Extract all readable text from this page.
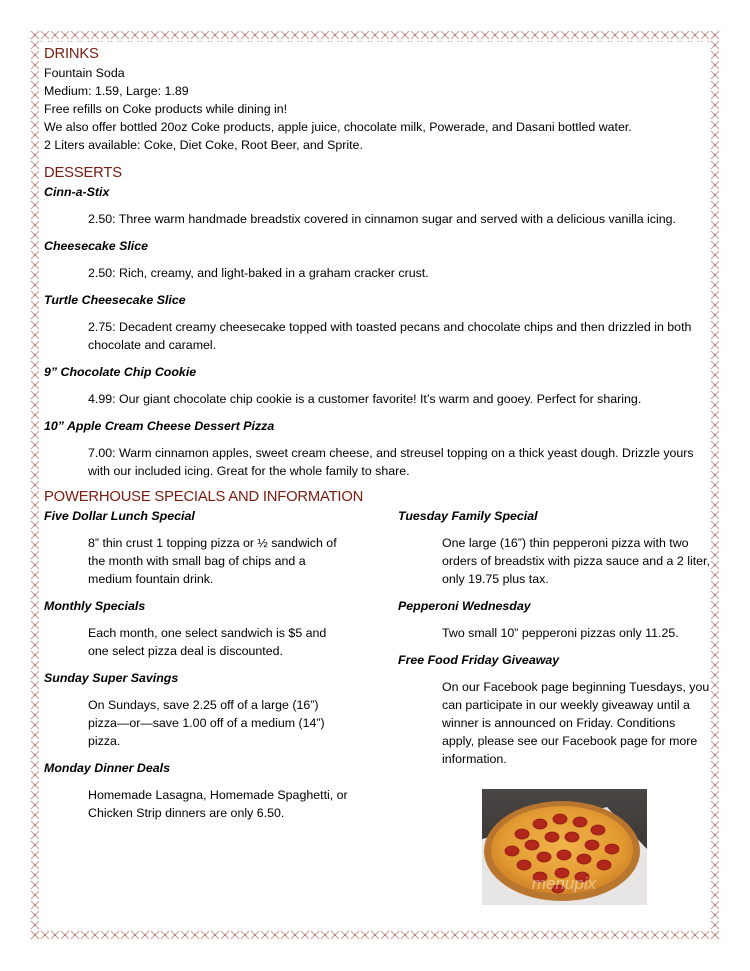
DRINKS
Fountain Soda
Medium: 1.59, Large: 1.89
Free refills on Coke products while dining in!
We also offer bottled 20oz Coke products, apple juice, chocolate milk, Powerade, and Dasani bottled water.
2 Liters available: Coke, Diet Coke, Root Beer, and Sprite.
DESSERTS
Cinn-a-Stix
2.50: Three warm handmade breadstix covered in cinnamon sugar and served with a delicious vanilla icing.
Cheesecake Slice
2.50: Rich, creamy, and light-baked in a graham cracker crust.
Turtle Cheesecake Slice
2.75: Decadent creamy cheesecake topped with toasted pecans and chocolate chips and then drizzled in both chocolate and caramel.
9” Chocolate Chip Cookie
4.99: Our giant chocolate chip cookie is a customer favorite! It’s warm and gooey. Perfect for sharing.
10” Apple Cream Cheese Dessert Pizza
7.00: Warm cinnamon apples, sweet cream cheese, and streusel topping on a thick yeast dough. Drizzle yours with our included icing. Great for the whole family to share.
POWERHOUSE SPECIALS AND INFORMATION
Five Dollar Lunch Special
8” thin crust 1 topping pizza or ½ sandwich of the month with small bag of chips and a medium fountain drink.
Monthly Specials
Each month, one select sandwich is $5 and one select pizza deal is discounted.
Sunday Super Savings
On Sundays, save 2.25 off of a large (16”) pizza—or—save 1.00 off of a medium (14”) pizza.
Monday Dinner Deals
Homemade Lasagna, Homemade Spaghetti, or Chicken Strip dinners are only 6.50.
Tuesday Family Special
One large (16”) thin pepperoni pizza with two orders of breadstix with pizza sauce and a 2 liter, only 19.75 plus tax.
Pepperoni Wednesday
Two small 10” pepperoni pizzas only 11.25.
Free Food Friday Giveaway
On our Facebook page beginning Tuesdays, you can participate in our weekly giveaway until a winner is announced on Friday. Conditions apply, please see our Facebook page for more information.
menupix
